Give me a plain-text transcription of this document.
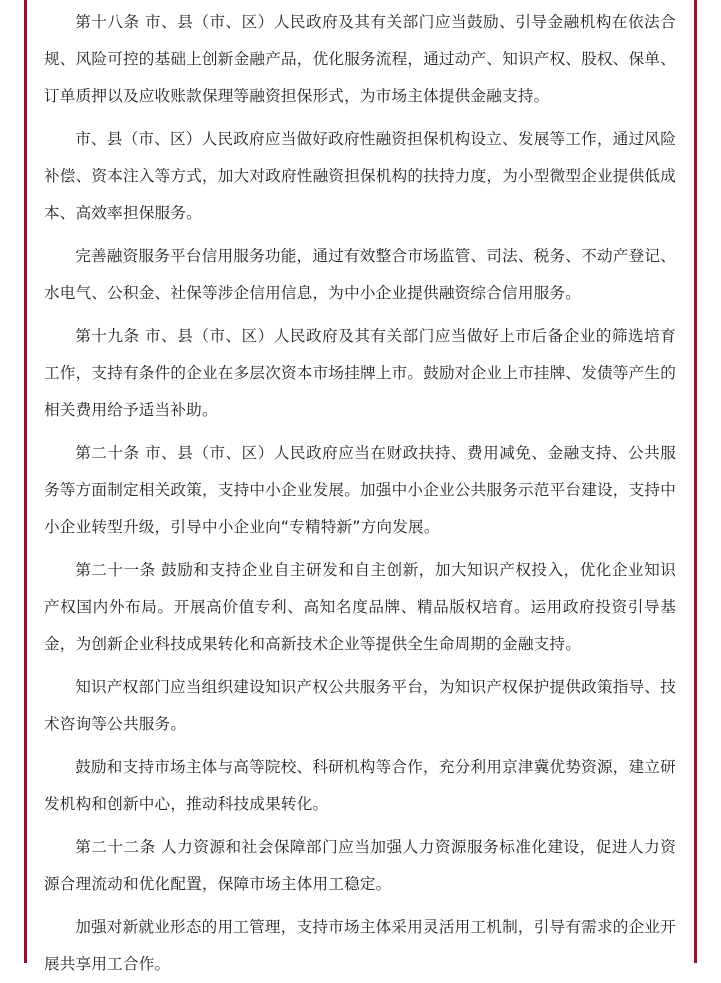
第十八条 市、县（市、区）人民政府及其有关部门应当鼓励、引导金融机构在依法合规、风险可控的基础上创新金融产品，优化服务流程，通过动产、知识产权、股权、保单、订单质押以及应收账款保理等融资担保形式，为市场主体提供金融支持。

市、县（市、区）人民政府应当做好政府性融资担保机构设立、发展等工作，通过风险补偿、资本注入等方式，加大对政府性融资担保机构的扶持力度，为小型微型企业提供低成本、高效率担保服务。

完善融资服务平台信用服务功能，通过有效整合市场监管、司法、税务、不动产登记、水电气、公积金、社保等涉企信用信息，为中小企业提供融资综合信用服务。

第十九条 市、县（市、区）人民政府及其有关部门应当做好上市后备企业的筛选培育工作，支持有条件的企业在多层次资本市场挂牌上市。鼓励对企业上市挂牌、发债等产生的相关费用给予适当补助。

第二十条 市、县（市、区）人民政府应当在财政扶持、费用减免、金融支持、公共服务等方面制定相关政策，支持中小企业发展。加强中小企业公共服务示范平台建设，支持中小企业转型升级，引导中小企业向“专精特新”方向发展。

第二十一条 鼓励和支持企业自主研发和自主创新，加大知识产权投入，优化企业知识产权国内外布局。开展高价值专利、高知名度品牌、精品版权培育。运用政府投资引导基金，为创新企业科技成果转化和高新技术企业等提供全生命周期的金融支持。

知识产权部门应当组织建设知识产权公共服务平台，为知识产权保护提供政策指导、技术咨询等公共服务。

鼓励和支持市场主体与高等院校、科研机构等合作，充分利用京津冀优势资源，建立研发机构和创新中心，推动科技成果转化。

第二十二条 人力资源和社会保障部门应当加强人力资源服务标准化建设，促进人力资源合理流动和优化配置，保障市场主体用工稳定。

加强对新就业形态的用工管理，支持市场主体采用灵活用工机制，引导有需求的企业开展共享用工合作。
